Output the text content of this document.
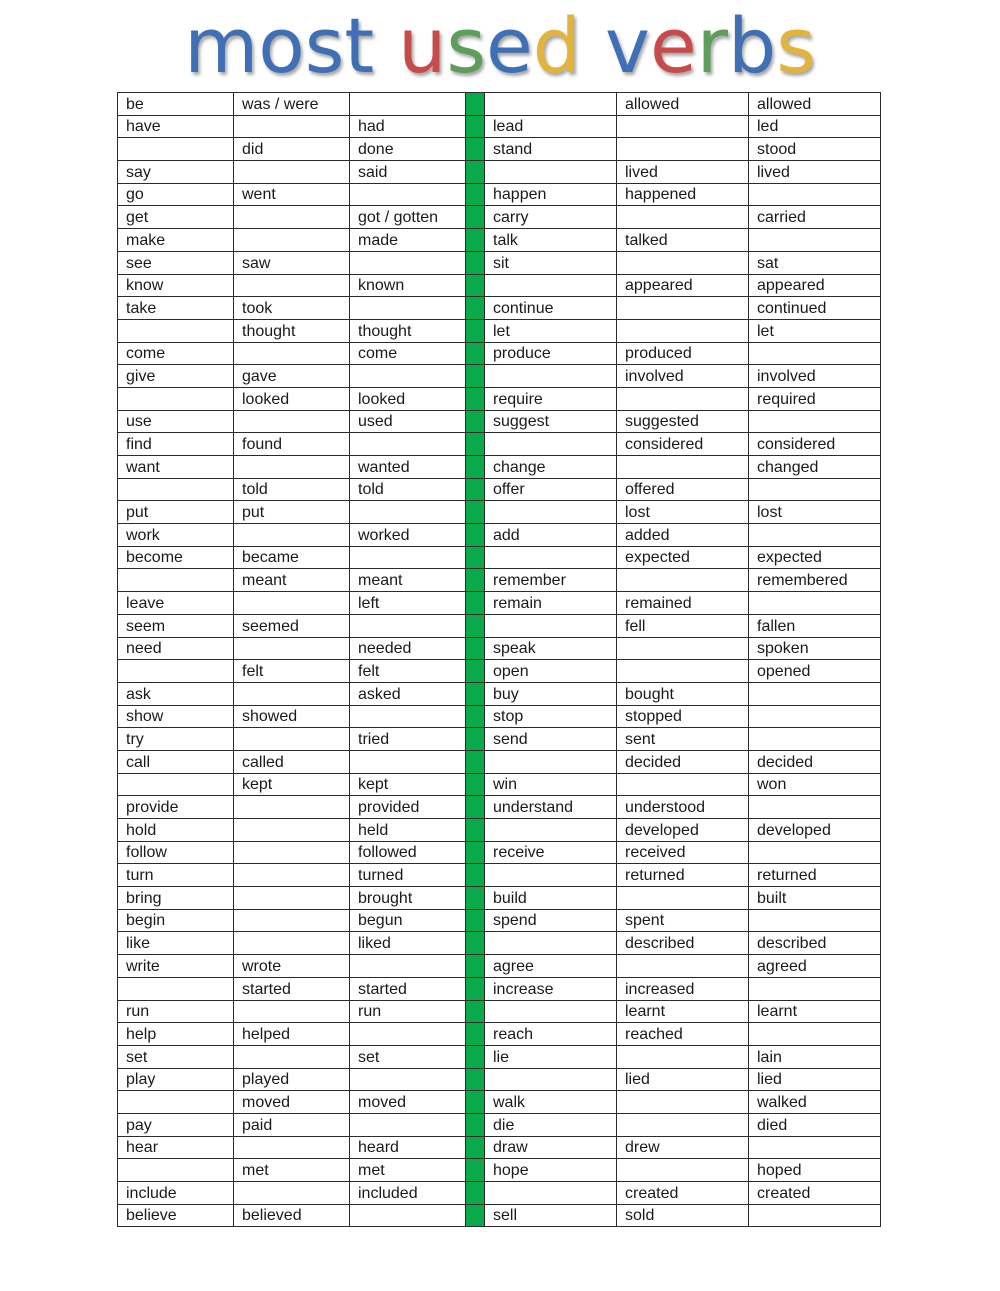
most used verbs
be	was / were				allowed	allowed
have		had		lead		led
	did	done		stand		stood
say		said			lived	lived
go	went			happen	happened	
get		got / gotten		carry		carried
make		made		talk	talked	
see	saw			sit		sat
know		known			appeared	appeared
take	took			continue		continued
	thought	thought		let		let
come		come		produce	produced	
give	gave				involved	involved
	looked	looked		require		required
use		used		suggest	suggested	
find	found				considered	considered
want		wanted		change		changed
	told	told		offer	offered	
put	put				lost	lost
work		worked		add	added	
become	became				expected	expected
	meant	meant		remember		remembered
leave		left		remain	remained	
seem	seemed				fell	fallen
need		needed		speak		spoken
	felt	felt		open		opened
ask		asked		buy	bought	
show	showed			stop	stopped	
try		tried		send	sent	
call	called				decided	decided
	kept	kept		win		won
provide		provided		understand	understood	
hold		held			developed	developed
follow		followed		receive	received	
turn		turned			returned	returned
bring		brought		build		built
begin		begun		spend	spent	
like		liked			described	described
write	wrote			agree		agreed
	started	started		increase	increased	
run		run			learnt	learnt
help	helped			reach	reached	
set		set		lie		lain
play	played				lied	lied
	moved	moved		walk		walked
pay	paid			die		died
hear		heard		draw	drew	
	met	met		hope		hoped
include		included			created	created
believe	believed			sell	sold	
